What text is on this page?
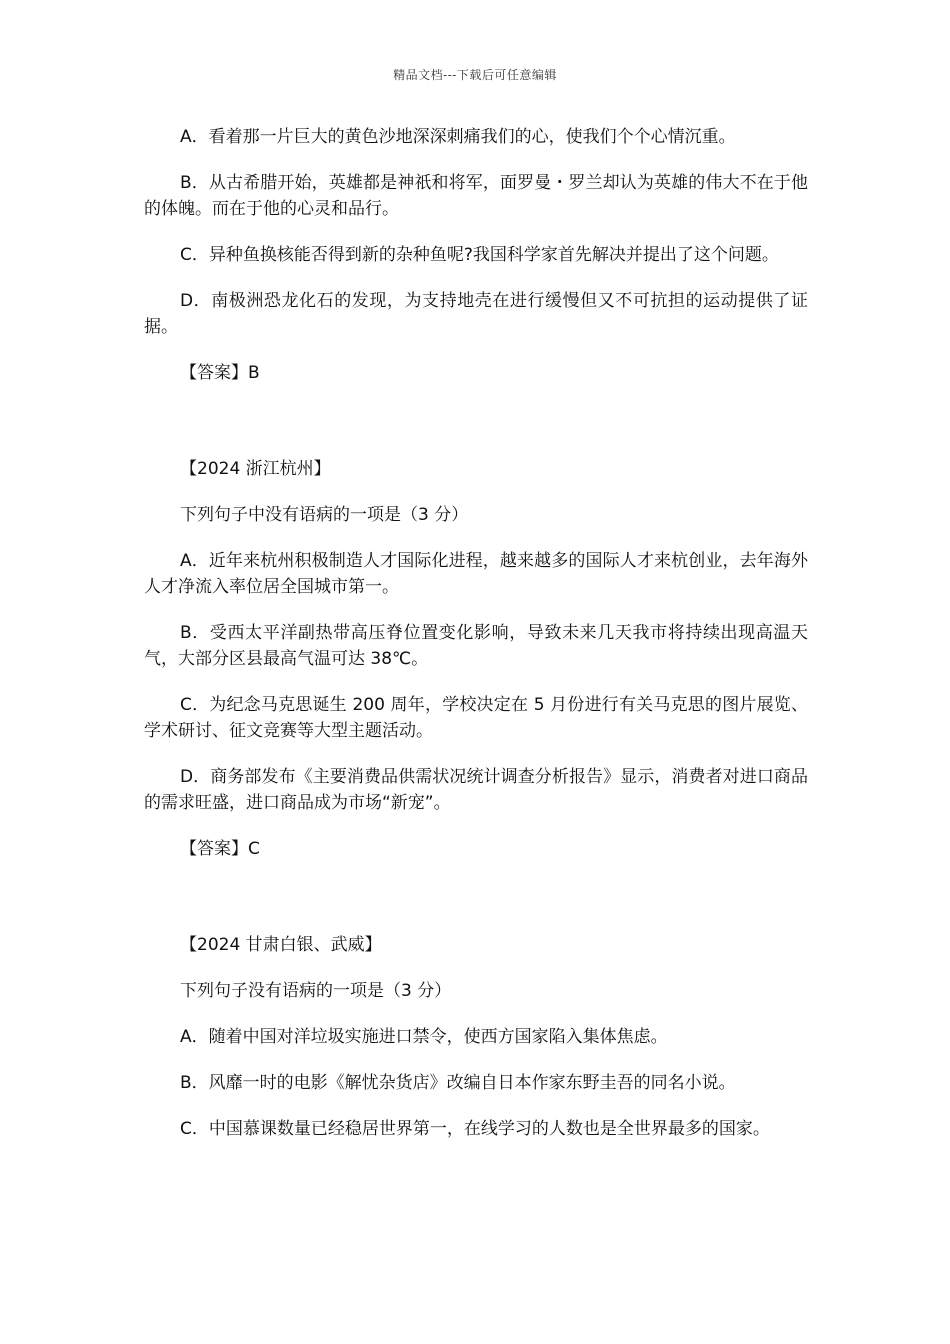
精品文档---下载后可任意编辑

A．看着那一片巨大的黄色沙地深深刺痛我们的心，使我们个个心情沉重。

B．从古希腊开始，英雄都是神祇和将军，面罗曼・罗兰却认为英雄的伟大不在于他的体魄。而在于他的心灵和品行。

C．异种鱼换核能否得到新的杂种鱼呢?我国科学家首先解决并提出了这个问题。

D．南极洲恐龙化石的发现，为支持地壳在进行缓慢但又不可抗担的运动提供了证据。

【答案】B

【2024 浙江杭州】

下列句子中没有语病的一项是（3 分）

A．近年来杭州积极制造人才国际化进程，越来越多的国际人才来杭创业，去年海外人才净流入率位居全国城市第一。

B．受西太平洋副热带高压脊位置变化影响，导致未来几天我市将持续出现高温天气，大部分区县最高气温可达 38℃。

C．为纪念马克思诞生 200 周年，学校决定在 5 月份进行有关马克思的图片展览、学术研讨、征文竞赛等大型主题活动。

D．商务部发布《主要消费品供需状况统计调查分析报告》显示，消费者对进口商品的需求旺盛，进口商品成为市场“新宠”。

【答案】C

【2024 甘肃白银、武威】

下列句子没有语病的一项是（3 分）

A．随着中国对洋垃圾实施进口禁令，使西方国家陷入集体焦虑。

B．风靡一时的电影《解忧杂货店》改编自日本作家东野圭吾的同名小说。

C．中国慕课数量已经稳居世界第一，在线学习的人数也是全世界最多的国家。
